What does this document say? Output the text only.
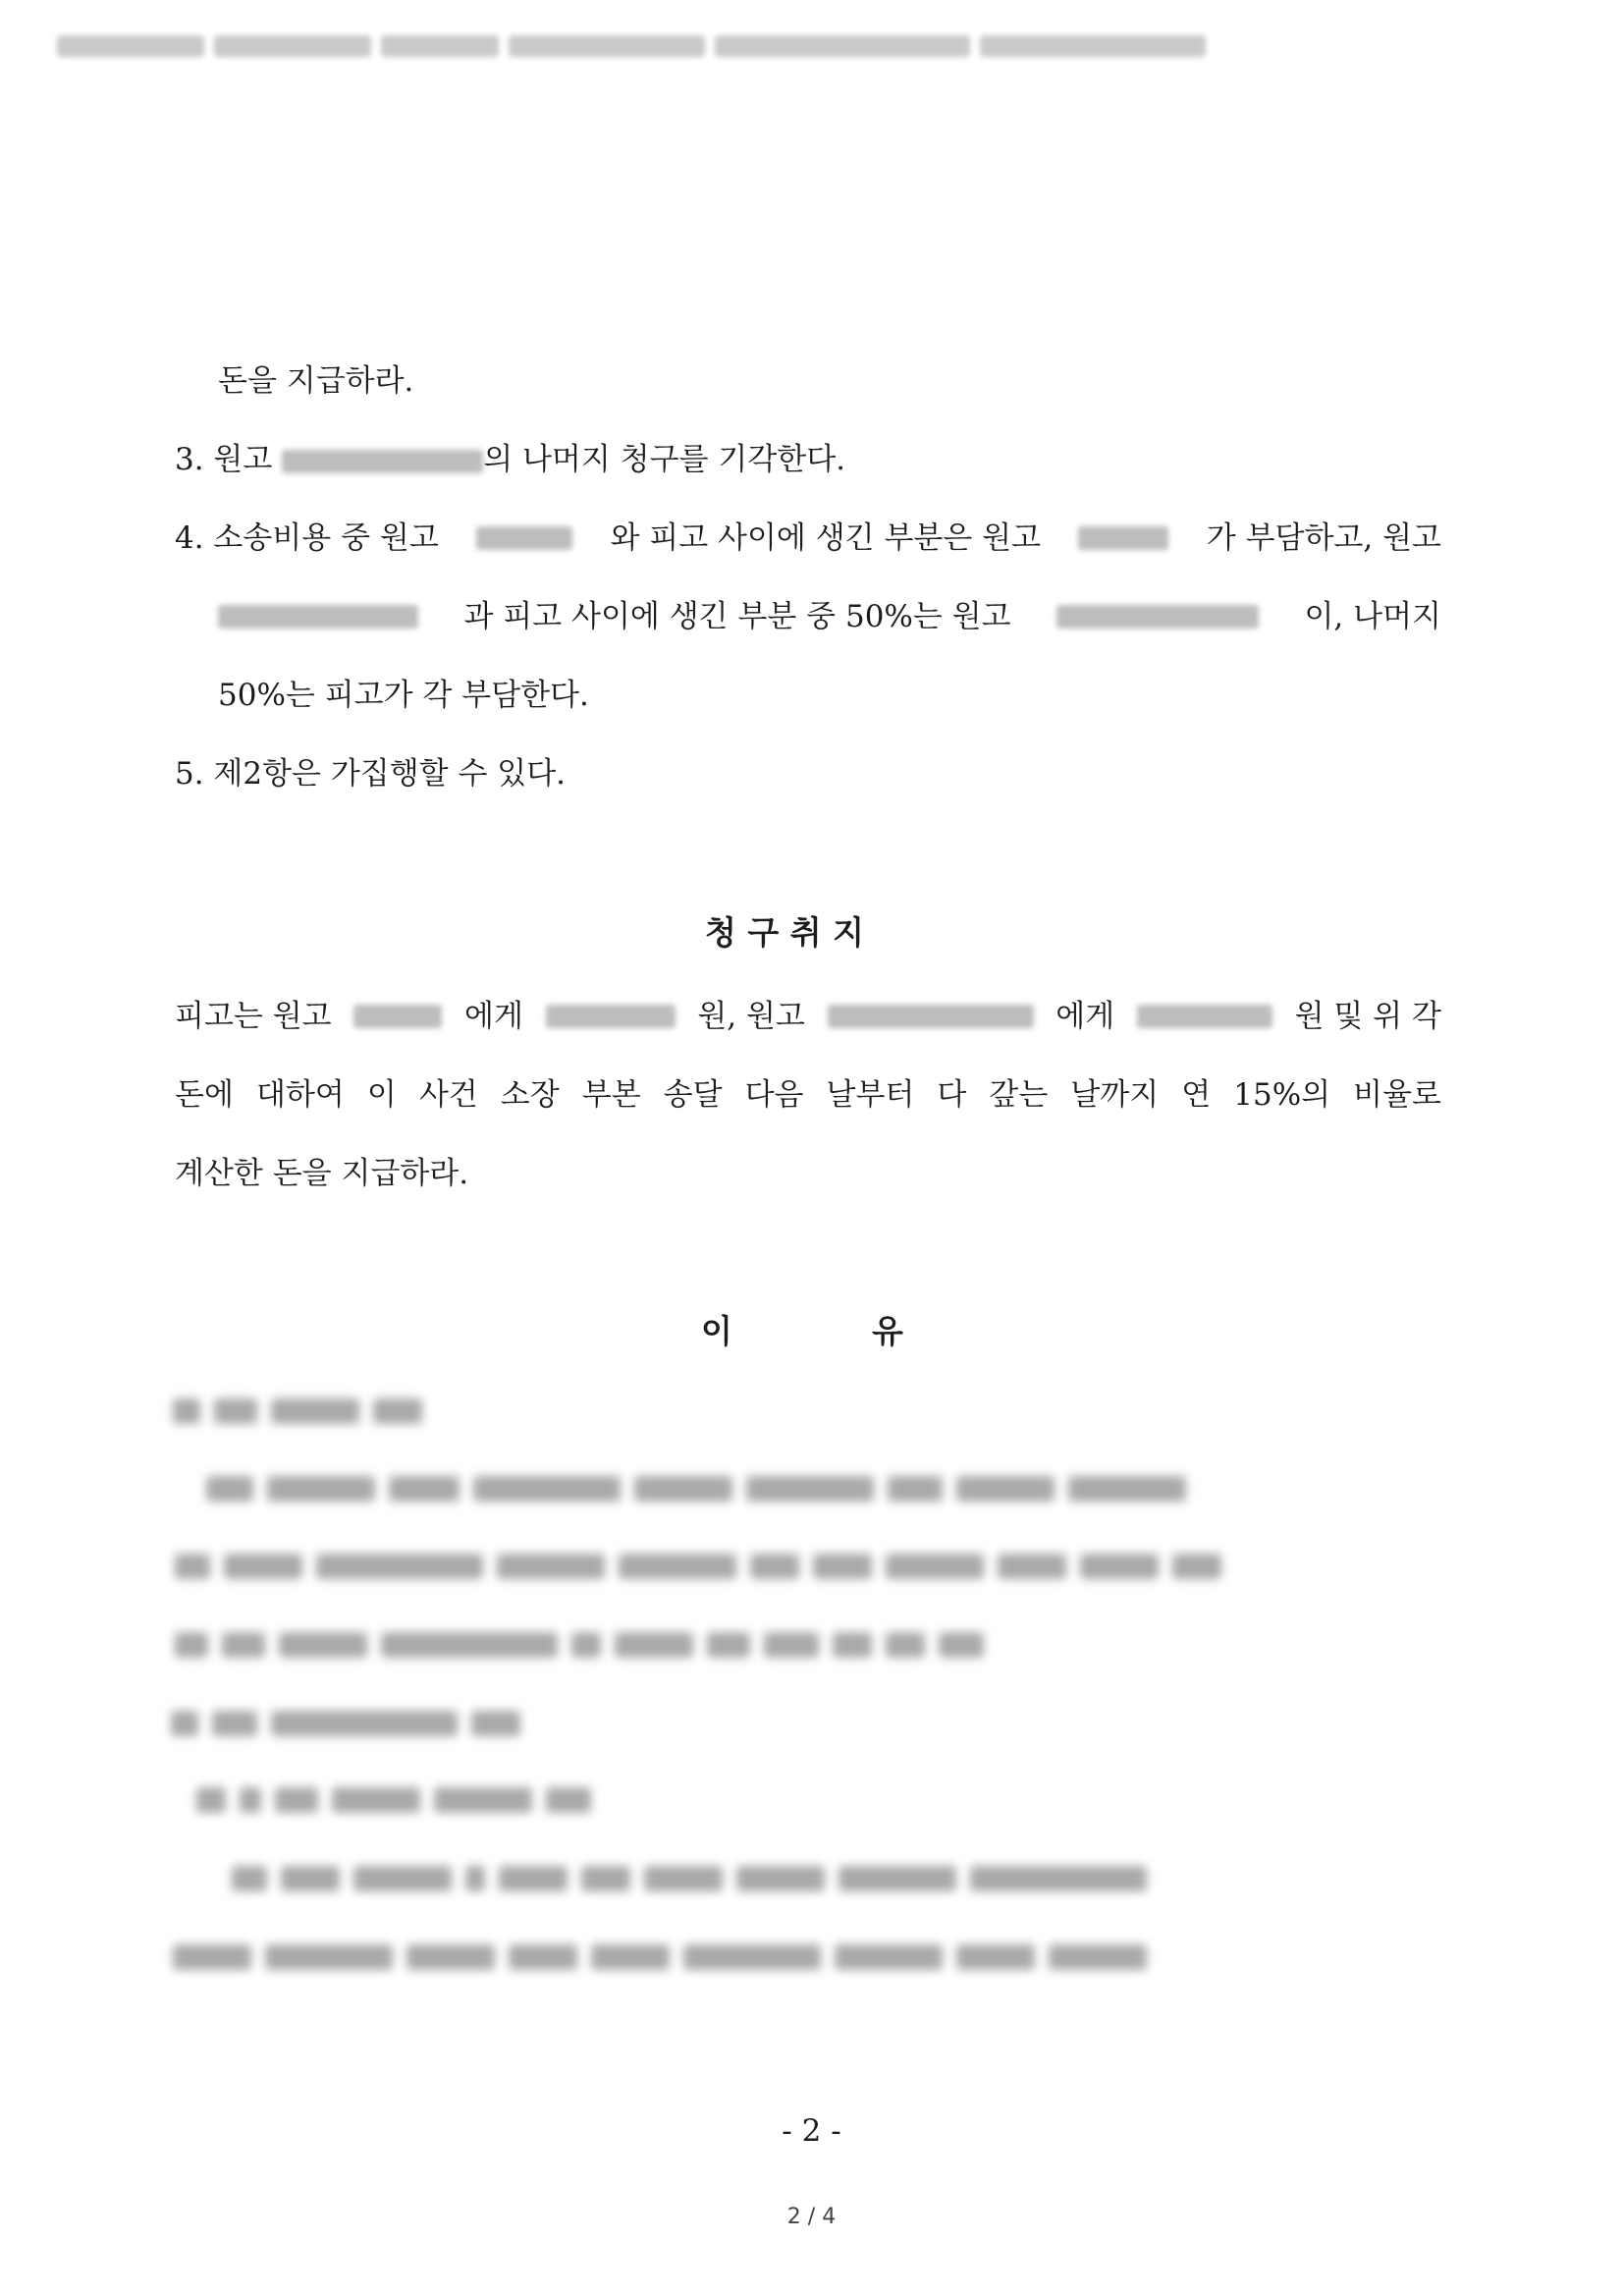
돈을 지급하라.
3. 원고	의 나머지 청구를 기각한다.
4. 소송비용 중 원고	와 피고 사이에 생긴 부분은 원고	가 부담하고, 원고
과 피고 사이에 생긴 부분 중 50%는 원고	이, 나머지
50%는 피고가 각 부담한다.
5. 제2항은 가집행할 수 있다.
청 구 취 지
피고는 원고	에게	원, 원고	에게	원 및 위 각
돈에 대하여 이 사건 소장 부본 송달 다음 날부터 다 갚는 날까지 연 15%의 비율로
계산한 돈을 지급하라.
이	유
- 2 -
2 / 4
